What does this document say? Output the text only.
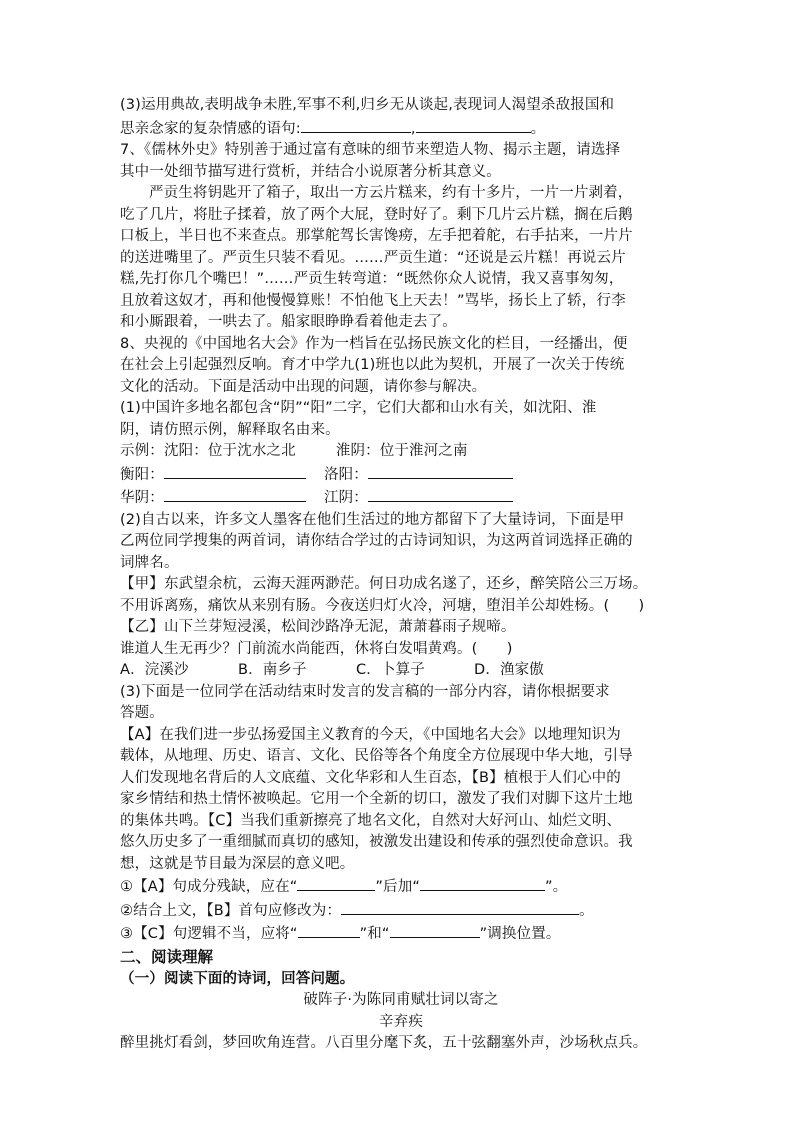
(3)运用典故,表明战争未胜,军事不利,归乡无从谈起,表现词人渴望杀敌报国和
思亲念家的复杂情感的语句:	,	。
7、《儒林外史》特别善于通过富有意味的细节来塑造人物、揭示主题，请选择
其中一处细节描写进行赏析，并结合小说原著分析其意义。
严贡生将钥匙开了箱子，取出一方云片糕来，约有十多片，一片一片剥着，
吃了几片，将肚子揉着，放了两个大屁，登时好了。剩下几片云片糕，搁在后鹅
口板上，半日也不来查点。那掌舵驾长害馋痨，左手把着舵，右手拈来，一片片
的送进嘴里了。严贡生只装不看见。……严贡生道：“还说是云片糕！再说云片
糕,先打你几个嘴巴！”……严贡生转弯道：“既然你众人说情，我又喜事匆匆，
且放着这奴才，再和他慢慢算账！不怕他飞上天去！”骂毕，扬长上了轿，行李
和小厮跟着，一哄去了。船家眼睁睁看着他走去了。
8、央视的《中国地名大会》作为一档旨在弘扬民族文化的栏目，一经播出，便
在社会上引起强烈反响。育才中学九(1)班也以此为契机，开展了一次关于传统
文化的活动。下面是活动中出现的问题，请你参与解决。
(1)中国许多地名都包含“阴”“阳”二字，它们大都和山水有关，如沈阳、淮
阴，请仿照示例，解释取名由来。
示例：沈阳：位于沈水之北	淮阴：位于淮河之南
衡阳：	洛阳：
华阴：	江阴：
(2)自古以来，许多文人墨客在他们生活过的地方都留下了大量诗词，下面是甲
乙两位同学搜集的两首词，请你结合学过的古诗词知识，为这两首词选择正确的
词牌名。
【甲】东武望余杭，云海天涯两渺茫。何日功成名遂了，还乡，醉笑陪公三万场。
不用诉离殇，痛饮从来别有肠。今夜送归灯火冷，河塘，堕泪羊公却姓杨。(　　)
【乙】山下兰芽短浸溪，松间沙路净无泥，萧萧暮雨子规啼。
谁道人生无再少？门前流水尚能西，休将白发唱黄鸡。(　　)
A．浣溪沙	B．南乡子	C．卜算子	D．渔家傲
(3)下面是一位同学在活动结束时发言的发言稿的一部分内容，请你根据要求
答题。
【A】在我们进一步弘扬爱国主义教育的今天，《中国地名大会》以地理知识为
载体，从地理、历史、语言、文化、民俗等各个角度全方位展现中华大地，引导
人们发现地名背后的人文底蕴、文化华彩和人生百态，【B】植根于人们心中的
家乡情结和热土情怀被唤起。它用一个全新的切口，激发了我们对脚下这片土地
的集体共鸣。【C】当我们重新擦亮了地名文化，自然对大好河山、灿烂文明、
悠久历史多了一重细腻而真切的感知，被激发出建设和传承的强烈使命意识。我
想，这就是节目最为深层的意义吧。
①【A】句成分残缺，应在“	”后加“	”。
②结合上文，【B】首句应修改为：	。
③【C】句逻辑不当，应将“	”和“	”调换位置。
二、阅读理解
（一）阅读下面的诗词，回答问题。
破阵子·为陈同甫赋壮词以寄之
辛弃疾
醉里挑灯看剑，梦回吹角连营。八百里分麾下炙，五十弦翻塞外声，沙场秋点兵。
